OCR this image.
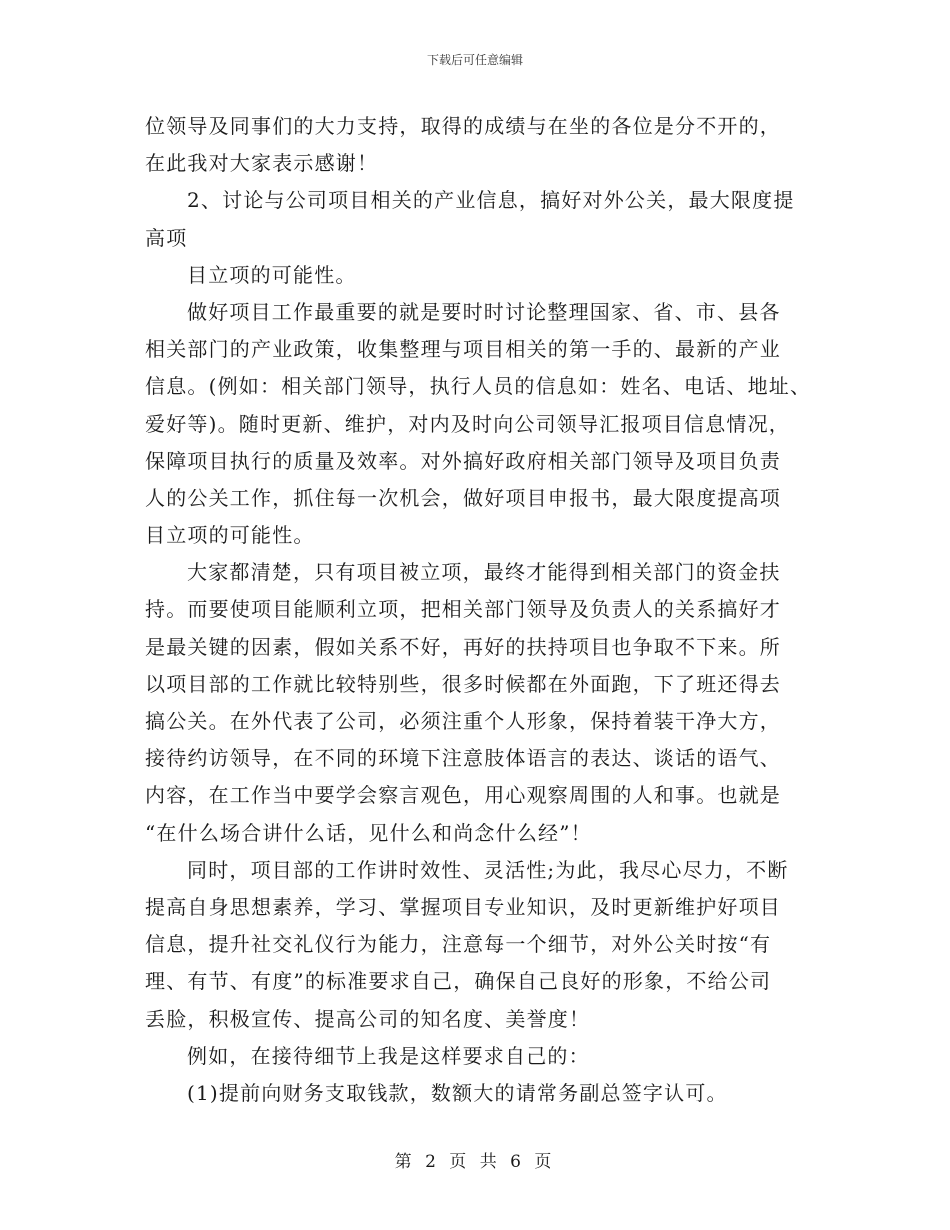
下载后可任意编辑
位领导及同事们的大力支持，取得的成绩与在坐的各位是分不开的，
在此我对大家表示感谢！
2、讨论与公司项目相关的产业信息，搞好对外公关，最大限度提
高项
目立项的可能性。
做好项目工作最重要的就是要时时讨论整理国家、省、市、县各
相关部门的产业政策，收集整理与项目相关的第一手的、最新的产业
信息。(例如：相关部门领导，执行人员的信息如：姓名、电话、地址、
爱好等)。随时更新、维护，对内及时向公司领导汇报项目信息情况，
保障项目执行的质量及效率。对外搞好政府相关部门领导及项目负责
人的公关工作，抓住每一次机会，做好项目申报书，最大限度提高项
目立项的可能性。
大家都清楚，只有项目被立项，最终才能得到相关部门的资金扶
持。而要使项目能顺利立项，把相关部门领导及负责人的关系搞好才
是最关键的因素，假如关系不好，再好的扶持项目也争取不下来。所
以项目部的工作就比较特别些，很多时候都在外面跑，下了班还得去
搞公关。在外代表了公司，必须注重个人形象，保持着装干净大方，
接待约访领导，在不同的环境下注意肢体语言的表达、谈话的语气、
内容，在工作当中要学会察言观色，用心观察周围的人和事。也就是
“在什么场合讲什么话，见什么和尚念什么经”！
同时，项目部的工作讲时效性、灵活性;为此，我尽心尽力，不断
提高自身思想素养，学习、掌握项目专业知识，及时更新维护好项目
信息，提升社交礼仪行为能力，注意每一个细节，对外公关时按“有
理、有节、有度”的标准要求自己，确保自己良好的形象，不给公司
丢脸，积极宣传、提高公司的知名度、美誉度！
例如，在接待细节上我是这样要求自己的：
(1)提前向财务支取钱款，数额大的请常务副总签字认可。
第 2 页 共 6 页
